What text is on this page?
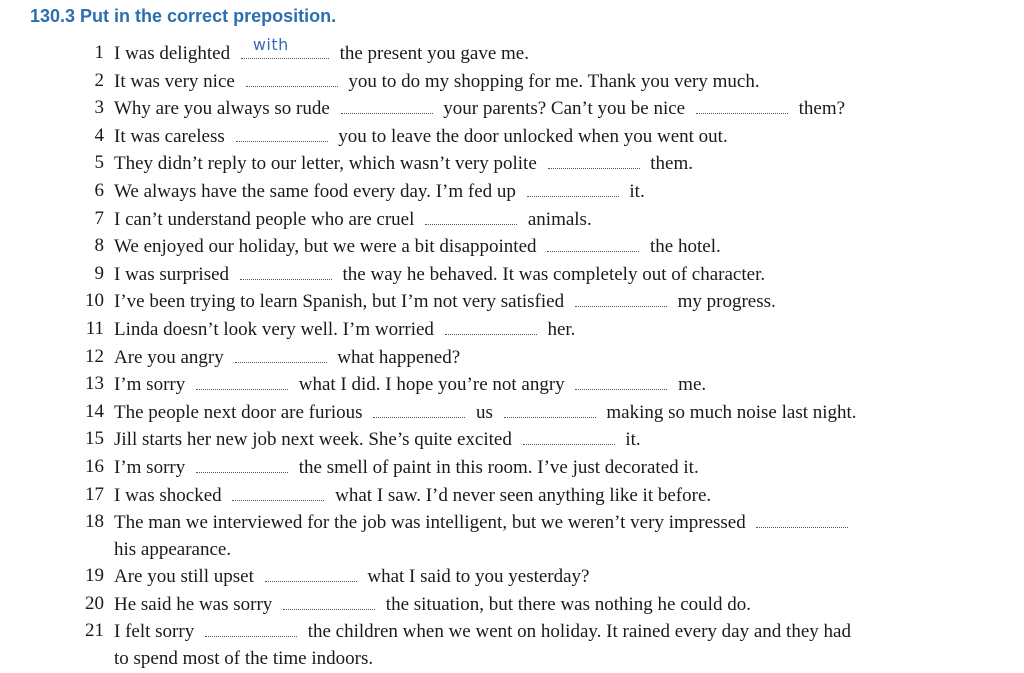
130.3 Put in the correct preposition.
1 I was delighted with	the present you gave me.
2 It was very nice	you to do my shopping for me. Thank you very much.
3 Why are you always so rude	your parents? Can’t you be nice	them?
4 It was careless	you to leave the door unlocked when you went out.
5 They didn’t reply to our letter, which wasn’t very polite	them.
6 We always have the same food every day. I’m fed up	it.
7 I can’t understand people who are cruel	animals.
8 We enjoyed our holiday, but we were a bit disappointed	the hotel.
9 I was surprised	the way he behaved. It was completely out of character.
10 I’ve been trying to learn Spanish, but I’m not very satisfied	my progress.
11 Linda doesn’t look very well. I’m worried	her.
12 Are you angry	what happened?
13 I’m sorry	what I did. I hope you’re not angry	me.
14 The people next door are furious	us	making so much noise last night.
15 Jill starts her new job next week. She’s quite excited	it.
16 I’m sorry	the smell of paint in this room. I’ve just decorated it.
17 I was shocked	what I saw. I’d never seen anything like it before.
18 The man we interviewed for the job was intelligent, but we weren’t very impressed
his appearance.
19 Are you still upset	what I said to you yesterday?
20 He said he was sorry	the situation, but there was nothing he could do.
21 I felt sorry	the children when we went on holiday. It rained every day and they had
to spend most of the time indoors.
